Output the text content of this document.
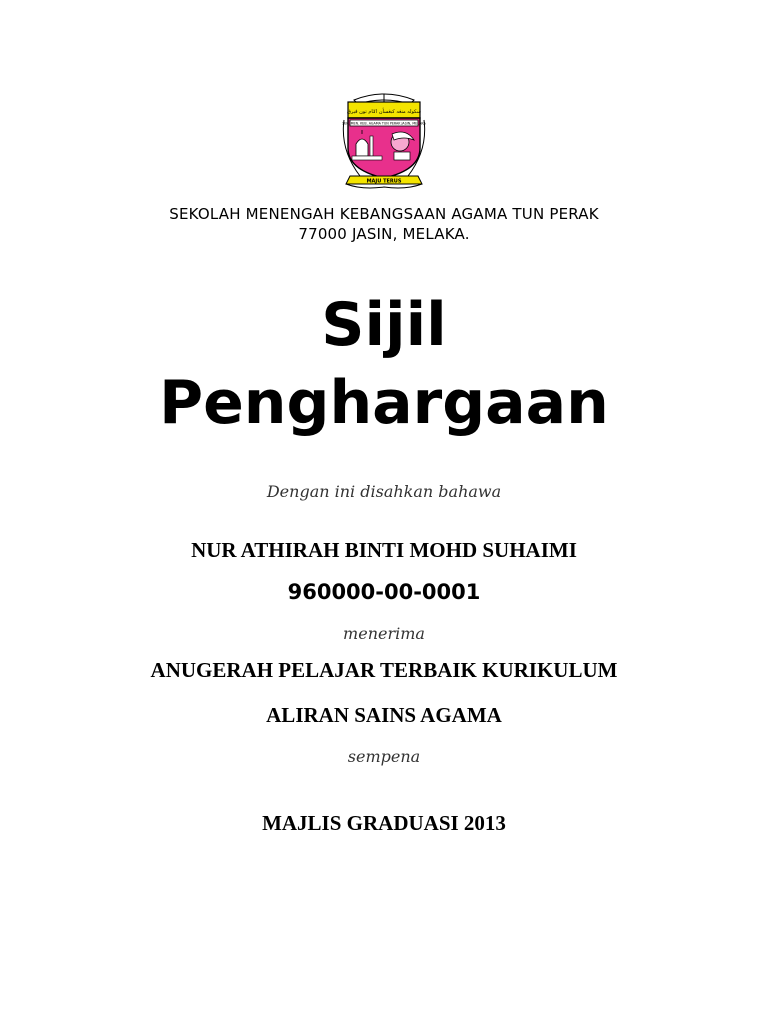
سکوله منڠه کبڠسأن اݢام تون ڤيرق
SEK. MEN. KEB. AGAMA TUN PERAK JASIN, MELAKA
MAJU TERUS
SEKOLAH MENENGAH KEBANGSAAN AGAMA TUN PERAK
77000 JASIN, MELAKA.
Sijil
Penghargaan
Dengan ini disahkan bahawa
NUR ATHIRAH BINTI MOHD SUHAIMI
960000-00-0001
menerima
ANUGERAH PELAJAR TERBAIK KURIKULUM
ALIRAN SAINS AGAMA
sempena
MAJLIS GRADUASI 2013
